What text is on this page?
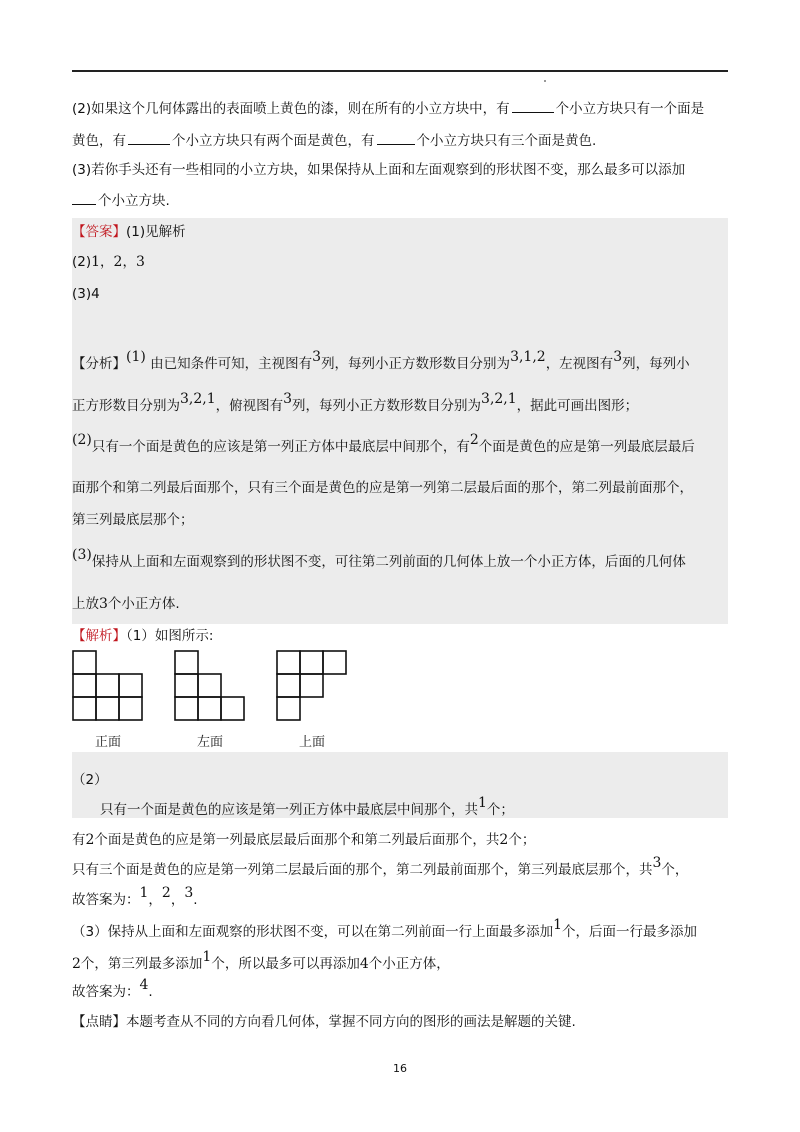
(2)如果这个几何体露出的表面喷上黄色的漆，则在所有的小立方块中，有	个小立方块只有一个面是
黄色，有	个小立方块只有两个面是黄色，有	个小立方块只有三个面是黄色.
(3)若你手头还有一些相同的小立方块，如果保持从上面和左面观察到的形状图不变，那么最多可以添加
个小立方块.
【答案】(1)见解析
(2)1，2，3
(3)4
【分析】(1) 由已知条件可知，主视图有3列，每列小正方数形数目分别为3,1,2，左视图有3列，每列小
正方形数目分别为3,2,1，俯视图有3列，每列小正方数形数目分别为3,2,1，据此可画出图形；
(2)只有一个面是黄色的应该是第一列正方体中最底层中间那个，有2个面是黄色的应是第一列最底层最后
面那个和第二列最后面那个，只有三个面是黄色的应是第一列第二层最后面的那个，第二列最前面那个，
第三列最底层那个；
(3)保持从上面和左面观察到的形状图不变，可往第二列前面的几何体上放一个小正方体，后面的几何体
上放3个小正方体.
【解析】（1）如图所示:
正面	左面	上面
（2）
只有一个面是黄色的应该是第一列正方体中最底层中间那个，共1个；
有2个面是黄色的应是第一列最底层最后面那个和第二列最后面那个，共2个；
只有三个面是黄色的应是第一列第二层最后面的那个，第二列最前面那个，第三列最底层那个，共3个，
故答案为：1，2，3.
（3）保持从上面和左面观察的形状图不变，可以在第二列前面一行上面最多添加1个，后面一行最多添加
2个，第三列最多添加1个，所以最多可以再添加4个小正方体，
故答案为：4.
【点睛】本题考查从不同的方向看几何体，掌握不同方向的图形的画法是解题的关键.
16
